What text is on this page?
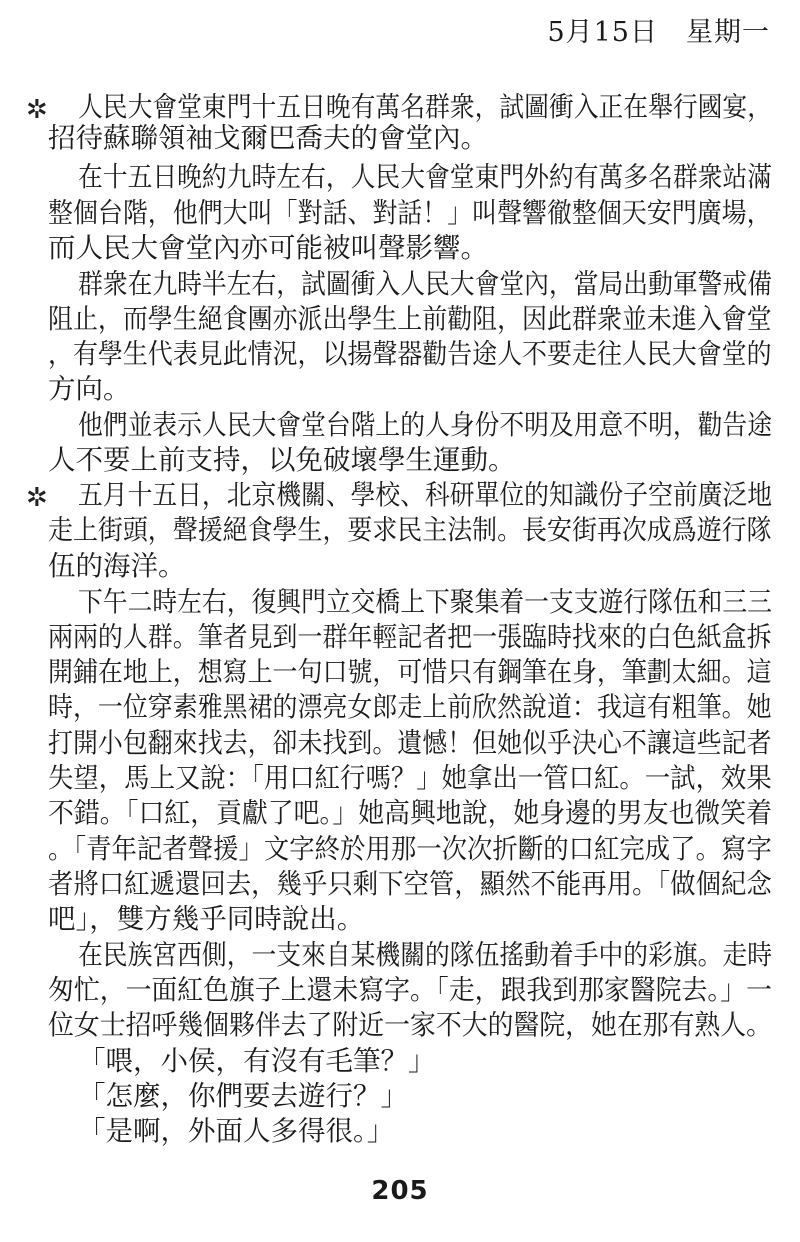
5月15日　星期一
✲ 人民大會堂東門十五日晚有萬名群衆，試圖衝入正在舉行國宴，
招待蘇聯領袖戈爾巴喬夫的會堂內。
在十五日晚約九時左右，人民大會堂東門外約有萬多名群衆站滿
整個台階，他們大叫「對話、對話！」叫聲響徹整個天安門廣場，
而人民大會堂內亦可能被叫聲影響。
群衆在九時半左右，試圖衝入人民大會堂內，當局出動軍警戒備
阻止，而學生絕食團亦派出學生上前勸阻，因此群衆並未進入會堂
，有學生代表見此情況，以揚聲器勸告途人不要走往人民大會堂的
方向。
他們並表示人民大會堂台階上的人身份不明及用意不明，勸告途
人不要上前支持，以免破壞學生運動。
✲ 五月十五日，北京機關、學校、科研單位的知識份子空前廣泛地
走上街頭，聲援絕食學生，要求民主法制。長安街再次成爲遊行隊
伍的海洋。
下午二時左右，復興門立交橋上下聚集着一支支遊行隊伍和三三
兩兩的人群。筆者見到一群年輕記者把一張臨時找來的白色紙盒拆
開鋪在地上，想寫上一句口號，可惜只有鋼筆在身，筆劃太細。這
時，一位穿素雅黑裙的漂亮女郎走上前欣然說道：我這有粗筆。她
打開小包翻來找去，卻未找到。遺憾！但她似乎決心不讓這些記者
失望，馬上又說：「用口紅行嗎？」她拿出一管口紅。一試，效果
不錯。「口紅，貢獻了吧。」她高興地說，她身邊的男友也微笑着
。「青年記者聲援」文字終於用那一次次折斷的口紅完成了。寫字
者將口紅遞還回去，幾乎只剩下空管，顯然不能再用。「做個紀念
吧」，雙方幾乎同時說出。
在民族宮西側，一支來自某機關的隊伍搖動着手中的彩旗。走時
匆忙，一面紅色旗子上還未寫字。「走，跟我到那家醫院去。」一
位女士招呼幾個夥伴去了附近一家不大的醫院，她在那有熟人。
「喂，小侯，有沒有毛筆？」
「怎麼，你們要去遊行？」
「是啊，外面人多得很。」
205
